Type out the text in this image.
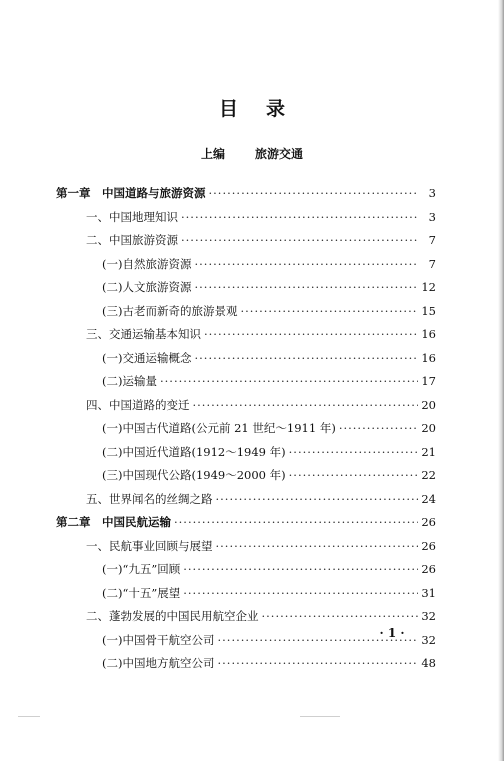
目录
上编	旅游交通
第一章　中国道路与旅游资源 ·····	3
一、中国地理知识 ·····	3
二、中国旅游资源 ·····	7
(一)自然旅游资源 ·····	7
(二)人文旅游资源 ·····	12
(三)古老而新奇的旅游景观 ·····	15
三、交通运输基本知识 ·····	16
(一)交通运输概念 ·····	16
(二)运输量 ·····	17
四、中国道路的变迁 ·····	20
(一)中国古代道路(公元前 21 世纪～1911 年) ·····	20
(二)中国近代道路(1912～1949 年) ·····	21
(三)中国现代公路(1949～2000 年) ·····	22
五、世界闻名的丝绸之路 ·····	24
第二章　中国民航运输 ·····	26
一、民航事业回顾与展望 ·····	26
(一)“九五”回顾 ·····	26
(二)“十五”展望 ·····	31
二、蓬勃发展的中国民用航空企业 ·····	32
(一)中国骨干航空公司 ·····	32
(二)中国地方航空公司 ·····	48
· 1 ·
